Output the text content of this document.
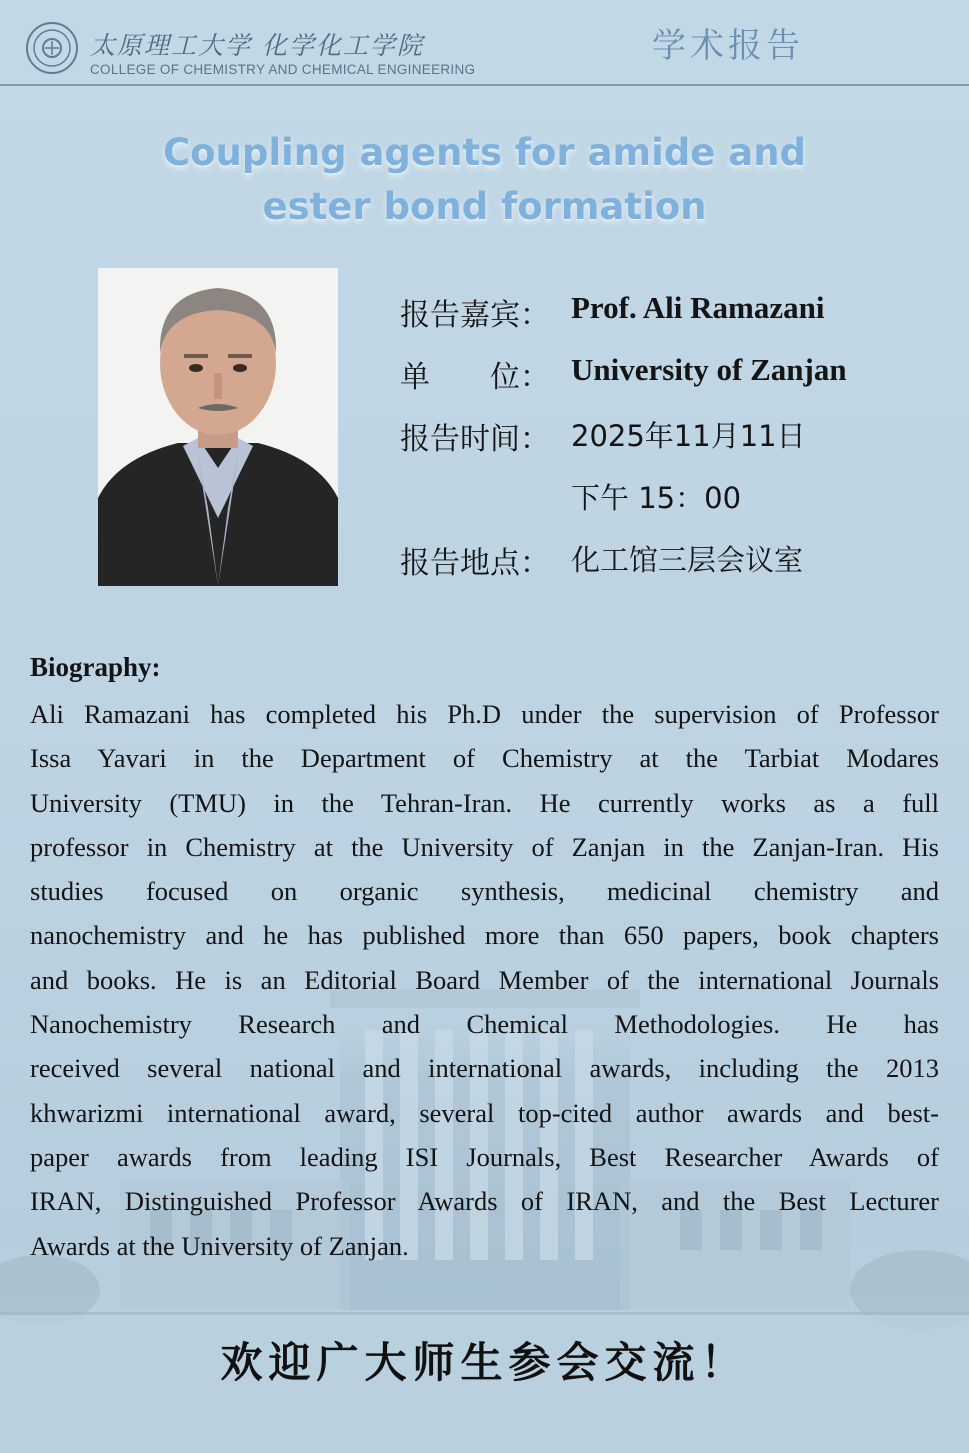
太原理工大学 化学化工学院
COLLEGE OF CHEMISTRY AND CHEMICAL ENGINEERING
学术报告
Coupling agents for amide and
ester bond formation
报告嘉宾： Prof. Ali Ramazani
单　　位： University of Zanjan
报告时间： 2025年11月11日
下午 15：00
报告地点： 化工馆三层会议室
Biography:
Ali Ramazani has completed his Ph.D under the supervision of Professor
Issa Yavari in the Department of Chemistry at the Tarbiat Modares
University (TMU) in the Tehran-Iran. He currently works as a full
professor in Chemistry at the University of Zanjan in the Zanjan-Iran. His
studies focused on organic synthesis, medicinal chemistry and
nanochemistry and he has published more than 650 papers, book chapters
and books. He is an Editorial Board Member of the international Journals
Nanochemistry Research and Chemical Methodologies. He has
received several national and international awards, including the 2013
khwarizmi international award, several top-cited author awards and best-
paper awards from leading ISI Journals, Best Researcher Awards of
IRAN, Distinguished Professor Awards of IRAN, and the Best Lecturer
Awards at the University of Zanjan.
欢迎广大师生参会交流！
